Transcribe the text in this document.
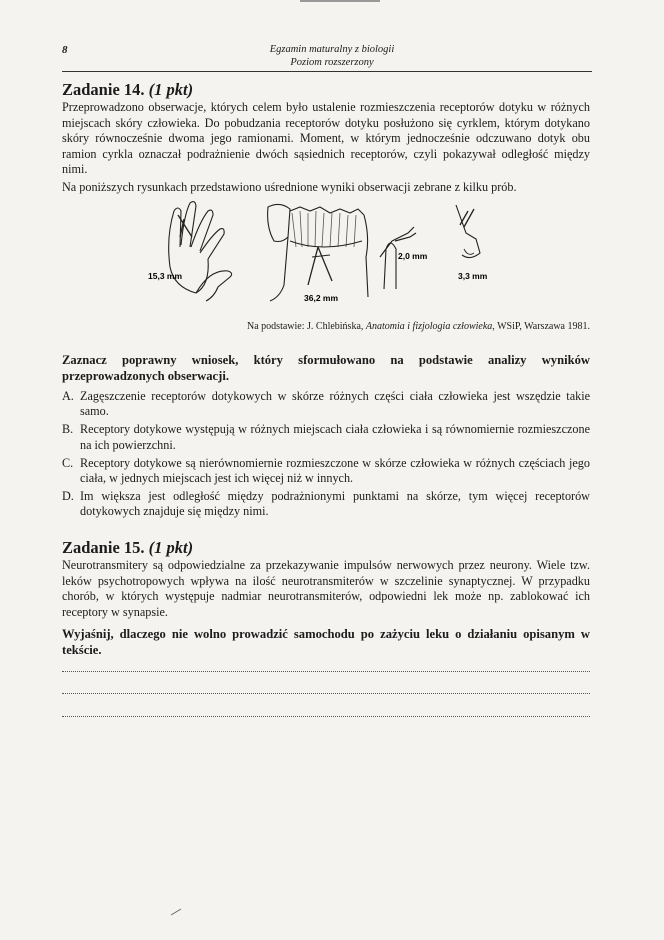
8	Egzamin maturalny z biologii
Poziom rozszerzony
Zadanie 14. (1 pkt)
Przeprowadzono obserwacje, których celem było ustalenie rozmieszczenia receptorów dotyku w różnych miejscach skóry człowieka. Do pobudzania receptorów dotyku posłużono się cyrklem, którym dotykano skóry równocześnie dwoma jego ramionami. Moment, w którym jednocześnie odczuwano dotyk obu ramion cyrkla oznaczał podrażnienie dwóch sąsiednich receptorów, czyli pokazywał odległość między nimi.
Na poniższych rysunkach przedstawiono uśrednione wyniki obserwacji zebrane z kilku prób.
15,3 mm
36,2 mm
2,0 mm
3,3 mm
Na podstawie: J. Chlebińska, Anatomia i fizjologia człowieka, WSiP, Warszawa 1981.
Zaznacz poprawny wniosek, który sformułowano na podstawie analizy wyników przeprowadzonych obserwacji.
A. Zagęszczenie receptorów dotykowych w skórze różnych części ciała człowieka jest wszędzie takie samo.
B. Receptory dotykowe występują w różnych miejscach ciała człowieka i są równomiernie rozmieszczone na ich powierzchni.
C. Receptory dotykowe są nierównomiernie rozmieszczone w skórze człowieka w różnych częściach jego ciała, w jednych miejscach jest ich więcej niż w innych.
D. Im większa jest odległość między podrażnionymi punktami na skórze, tym więcej receptorów dotykowych znajduje się między nimi.
Zadanie 15. (1 pkt)
Neurotransmitery są odpowiedzialne za przekazywanie impulsów nerwowych przez neurony. Wiele tzw. leków psychotropowych wpływa na ilość neurotransmiterów w szczelinie synaptycznej. W przypadku chorób, w których występuje nadmiar neurotransmiterów, odpowiedni lek może np. zablokować ich receptory w synapsie.
Wyjaśnij, dlaczego nie wolno prowadzić samochodu po zażyciu leku o działaniu opisanym w tekście.
